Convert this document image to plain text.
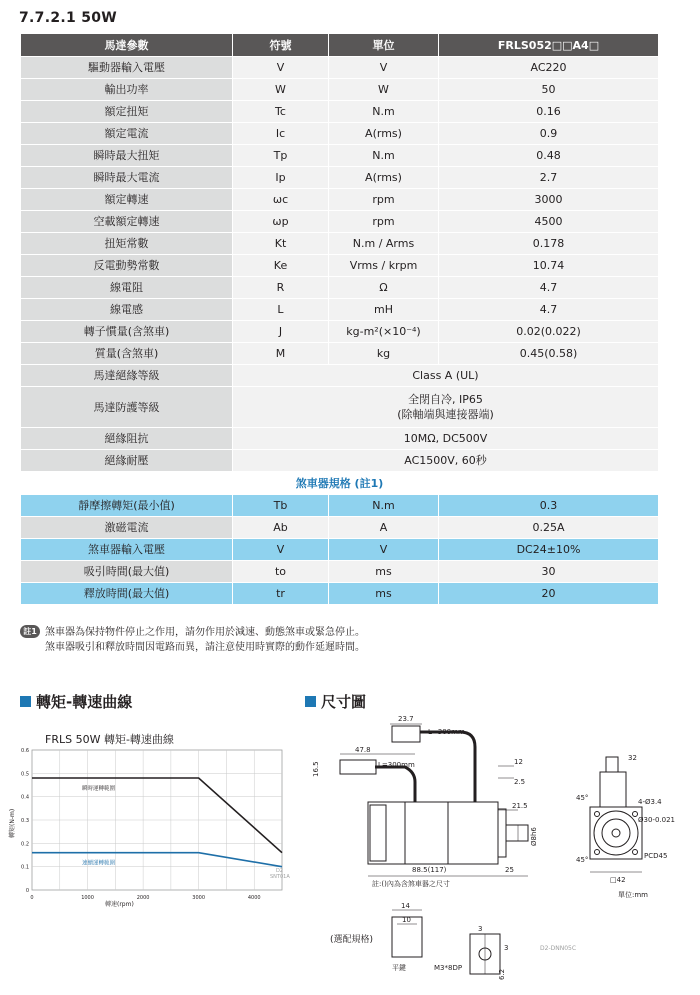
7.7.2.1 50W
馬達參數	符號	單位	FRLS052□□A4□
驅動器輸入電壓	V	V	AC220
輸出功率	W	W	50
額定扭矩	Tc	N.m	0.16
額定電流	Ic	A(rms)	0.9
瞬時最大扭矩	Tp	N.m	0.48
瞬時最大電流	Ip	A(rms)	2.7
額定轉速	ωc	rpm	3000
空載額定轉速	ωp	rpm	4500
扭矩常數	Kt	N.m / Arms	0.178
反電動勢常數	Ke	Vrms / krpm	10.74
線電阻	R	Ω	4.7
線電感	L	mH	4.7
轉子慣量(含煞車)	J	kg-m²(×10⁻⁴)	0.02(0.022)
質量(含煞車)	M	kg	0.45(0.58)
馬達絕緣等級	Class A (UL)		

馬達防護等級	全閉自冷, IP65
(除軸端與連接器端)		

絕緣阻抗	10MΩ, DC500V		

絕緣耐壓	AC1500V, 60秒		

煞車器規格 (註1)			
靜摩擦轉矩(最小值)	Tb	N.m	0.3
激磁電流	Ab	A	0.25A
煞車器輸入電壓	V	V	DC24±10%
吸引時間(最大值)	to	ms	30
釋放時間(最大值)	tr	ms	20
註1 煞車器為保持物件停止之作用，請勿作用於減速、動態煞車或緊急停止。
煞車器吸引和釋放時間因電路而異，請注意使用時實際的動作延遲時間。
轉矩-轉速曲線	尺寸圖
FRLS 50W 轉矩-轉速曲線
瞬時運轉範圍
連續運轉範圍
0
0.1
0.2
0.3
0.4
0.5
0.6
0	1000	2000	3000	4000
轉矩(N-m)
轉速(rpm)
D2
SNT01A
23.7
L=300mm
47.8
L=300mm
16.5	12
2.5
21.5
Ø8h6
88.5(117)	25
註:()內為含煞車器之尺寸
45°
45°
32
4-Ø3.4
Ø30-0.021
PCD45
□42
單位:mm
(選配規格)
14
10
3
3
平鍵	M3*8DP
6.2
D2-DNN05C
